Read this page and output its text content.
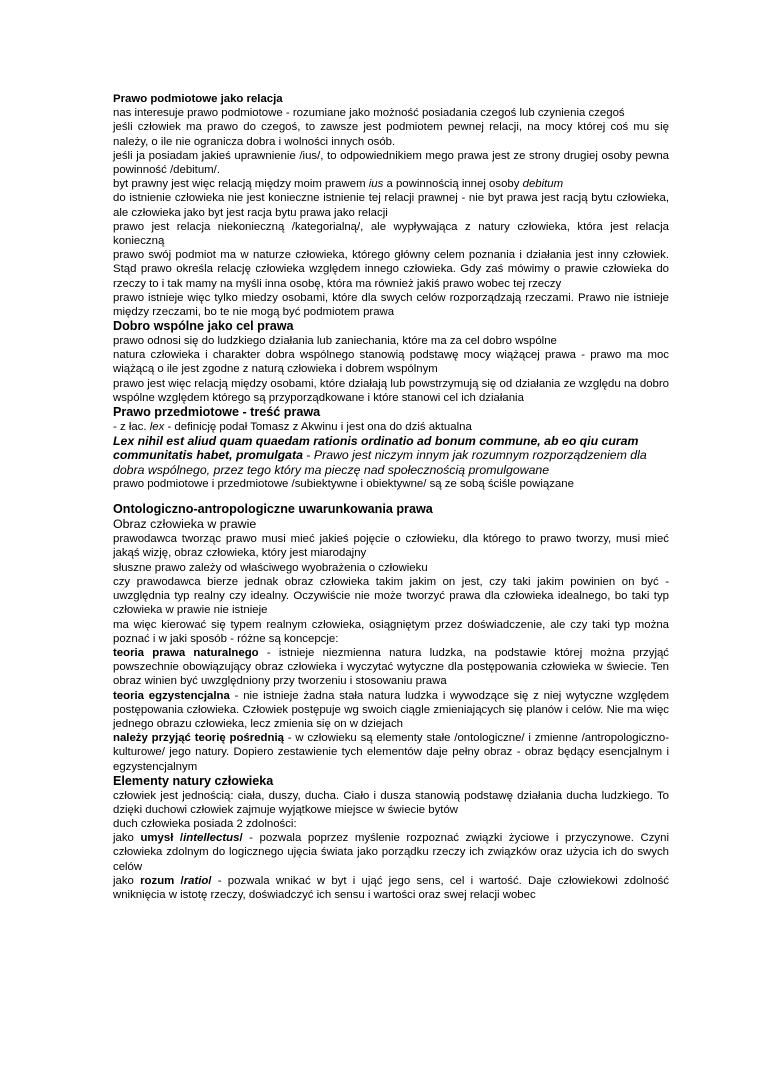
Prawo podmiotowe jako relacja

nas interesuje prawo podmiotowe - rozumiane jako możność posiadania czegoś lub czynienia czegoś

jeśli człowiek ma prawo do czegoś, to zawsze jest podmiotem pewnej relacji, na mocy której coś mu się należy, o ile nie ogranicza dobra i wolności innych osób.

jeśli ja posiadam jakieś uprawnienie /ius/, to odpowiednikiem mego prawa jest ze strony drugiej osoby pewna powinność /debitum/.

byt prawny jest więc relacją między moim prawem ius a powinnością innej osoby debitum

do istnienie człowieka nie jest konieczne istnienie tej relacji prawnej - nie byt prawa jest racją bytu człowieka, ale człowieka jako byt jest racja bytu prawa jako relacji

prawo jest relacja niekonieczną /kategorialną/, ale wypływająca z natury człowieka, która jest relacja konieczną

prawo swój podmiot ma w naturze człowieka, którego główny celem poznania i działania jest inny człowiek. Stąd prawo określa relację człowieka względem innego człowieka. Gdy zaś mówimy o prawie człowieka do rzeczy to i tak mamy na myśli inna osobę, która ma również jakiś prawo wobec tej rzeczy

prawo istnieje więc tylko miedzy osobami, które dla swych celów rozporządzają rzeczami. Prawo nie istnieje między rzeczami, bo te nie mogą być podmiotem prawa

Dobro wspólne jako cel prawa

prawo odnosi się do ludzkiego działania lub zaniechania, które ma za cel dobro wspólne

natura człowieka i charakter dobra wspólnego stanowią podstawę mocy wiążącej prawa - prawo ma moc wiążącą o ile jest zgodne z naturą człowieka i dobrem wspólnym

prawo jest więc relacją między osobami, które działają lub powstrzymują się od działania ze względu na dobro wspólne względem którego są przyporządkowane i które stanowi cel ich działania

Prawo przedmiotowe - treść prawa

- z łac. lex - definicję podał Tomasz z Akwinu i jest ona do dziś aktualna

Lex nihil est aliud quam quaedam rationis ordinatio ad bonum commune, ab eo qiu curam communitatis habet, promulgata - Prawo jest niczym innym jak rozumnym rozporządzeniem dla dobra wspólnego, przez tego który ma pieczę nad społecznością promulgowane

prawo podmiotowe i przedmiotowe /subiektywne i obiektywne/ są ze sobą ściśle powiązane

Ontologiczno-antropologiczne uwarunkowania prawa

Obraz człowieka w prawie

prawodawca tworząc prawo musi mieć jakieś pojęcie o człowieku, dla którego to prawo tworzy, musi mieć jakąś wizję, obraz człowieka, który jest miarodajny

słuszne prawo zależy od właściwego wyobrażenia o człowieku

czy prawodawca bierze jednak obraz człowieka takim jakim on jest, czy taki jakim powinien on być - uwzględnia typ realny czy idealny. Oczywiście nie może tworzyć prawa dla człowieka idealnego, bo taki typ człowieka w prawie nie istnieje

ma więc kierować się typem realnym człowieka, osiągniętym przez doświadczenie, ale czy taki typ można poznać i w jaki sposób - różne są koncepcje:

teoria prawa naturalnego - istnieje niezmienna natura ludzka, na podstawie której można przyjąć powszechnie obowiązujący obraz człowieka i wyczytać wytyczne dla postępowania człowieka w świecie. Ten obraz winien być uwzględniony przy tworzeniu i stosowaniu prawa

teoria egzystencjalna - nie istnieje żadna stała natura ludzka i wywodzące się z niej wytyczne względem postępowania człowieka. Człowiek postępuje wg swoich ciągle zmieniających się planów i celów. Nie ma więc jednego obrazu człowieka, lecz zmienia się on w dziejach

należy przyjąć teorię pośrednią - w człowieku są elementy stałe /ontologiczne/ i zmienne /antropologiczno-kulturowe/ jego natury. Dopiero zestawienie tych elementów daje pełny obraz - obraz będący esencjalnym i egzystencjalnym

Elementy natury człowieka

człowiek jest jednością: ciała, duszy, ducha. Ciało i dusza stanowią podstawę działania ducha ludzkiego. To dzięki duchowi człowiek zajmuje wyjątkowe miejsce w świecie bytów

duch człowieka posiada 2 zdolności:

jako umysł /intellectus/ - pozwala poprzez myślenie rozpoznać związki życiowe i przyczynowe. Czyni człowieka zdolnym do logicznego ujęcia świata jako porządku rzeczy ich związków oraz użycia ich do swych celów

jako rozum /ratio/ - pozwala wnikać w byt i ująć jego sens, cel i wartość. Daje człowiekowi zdolność wniknięcia w istotę rzeczy, doświadczyć ich sensu i wartości oraz swej relacji wobec
